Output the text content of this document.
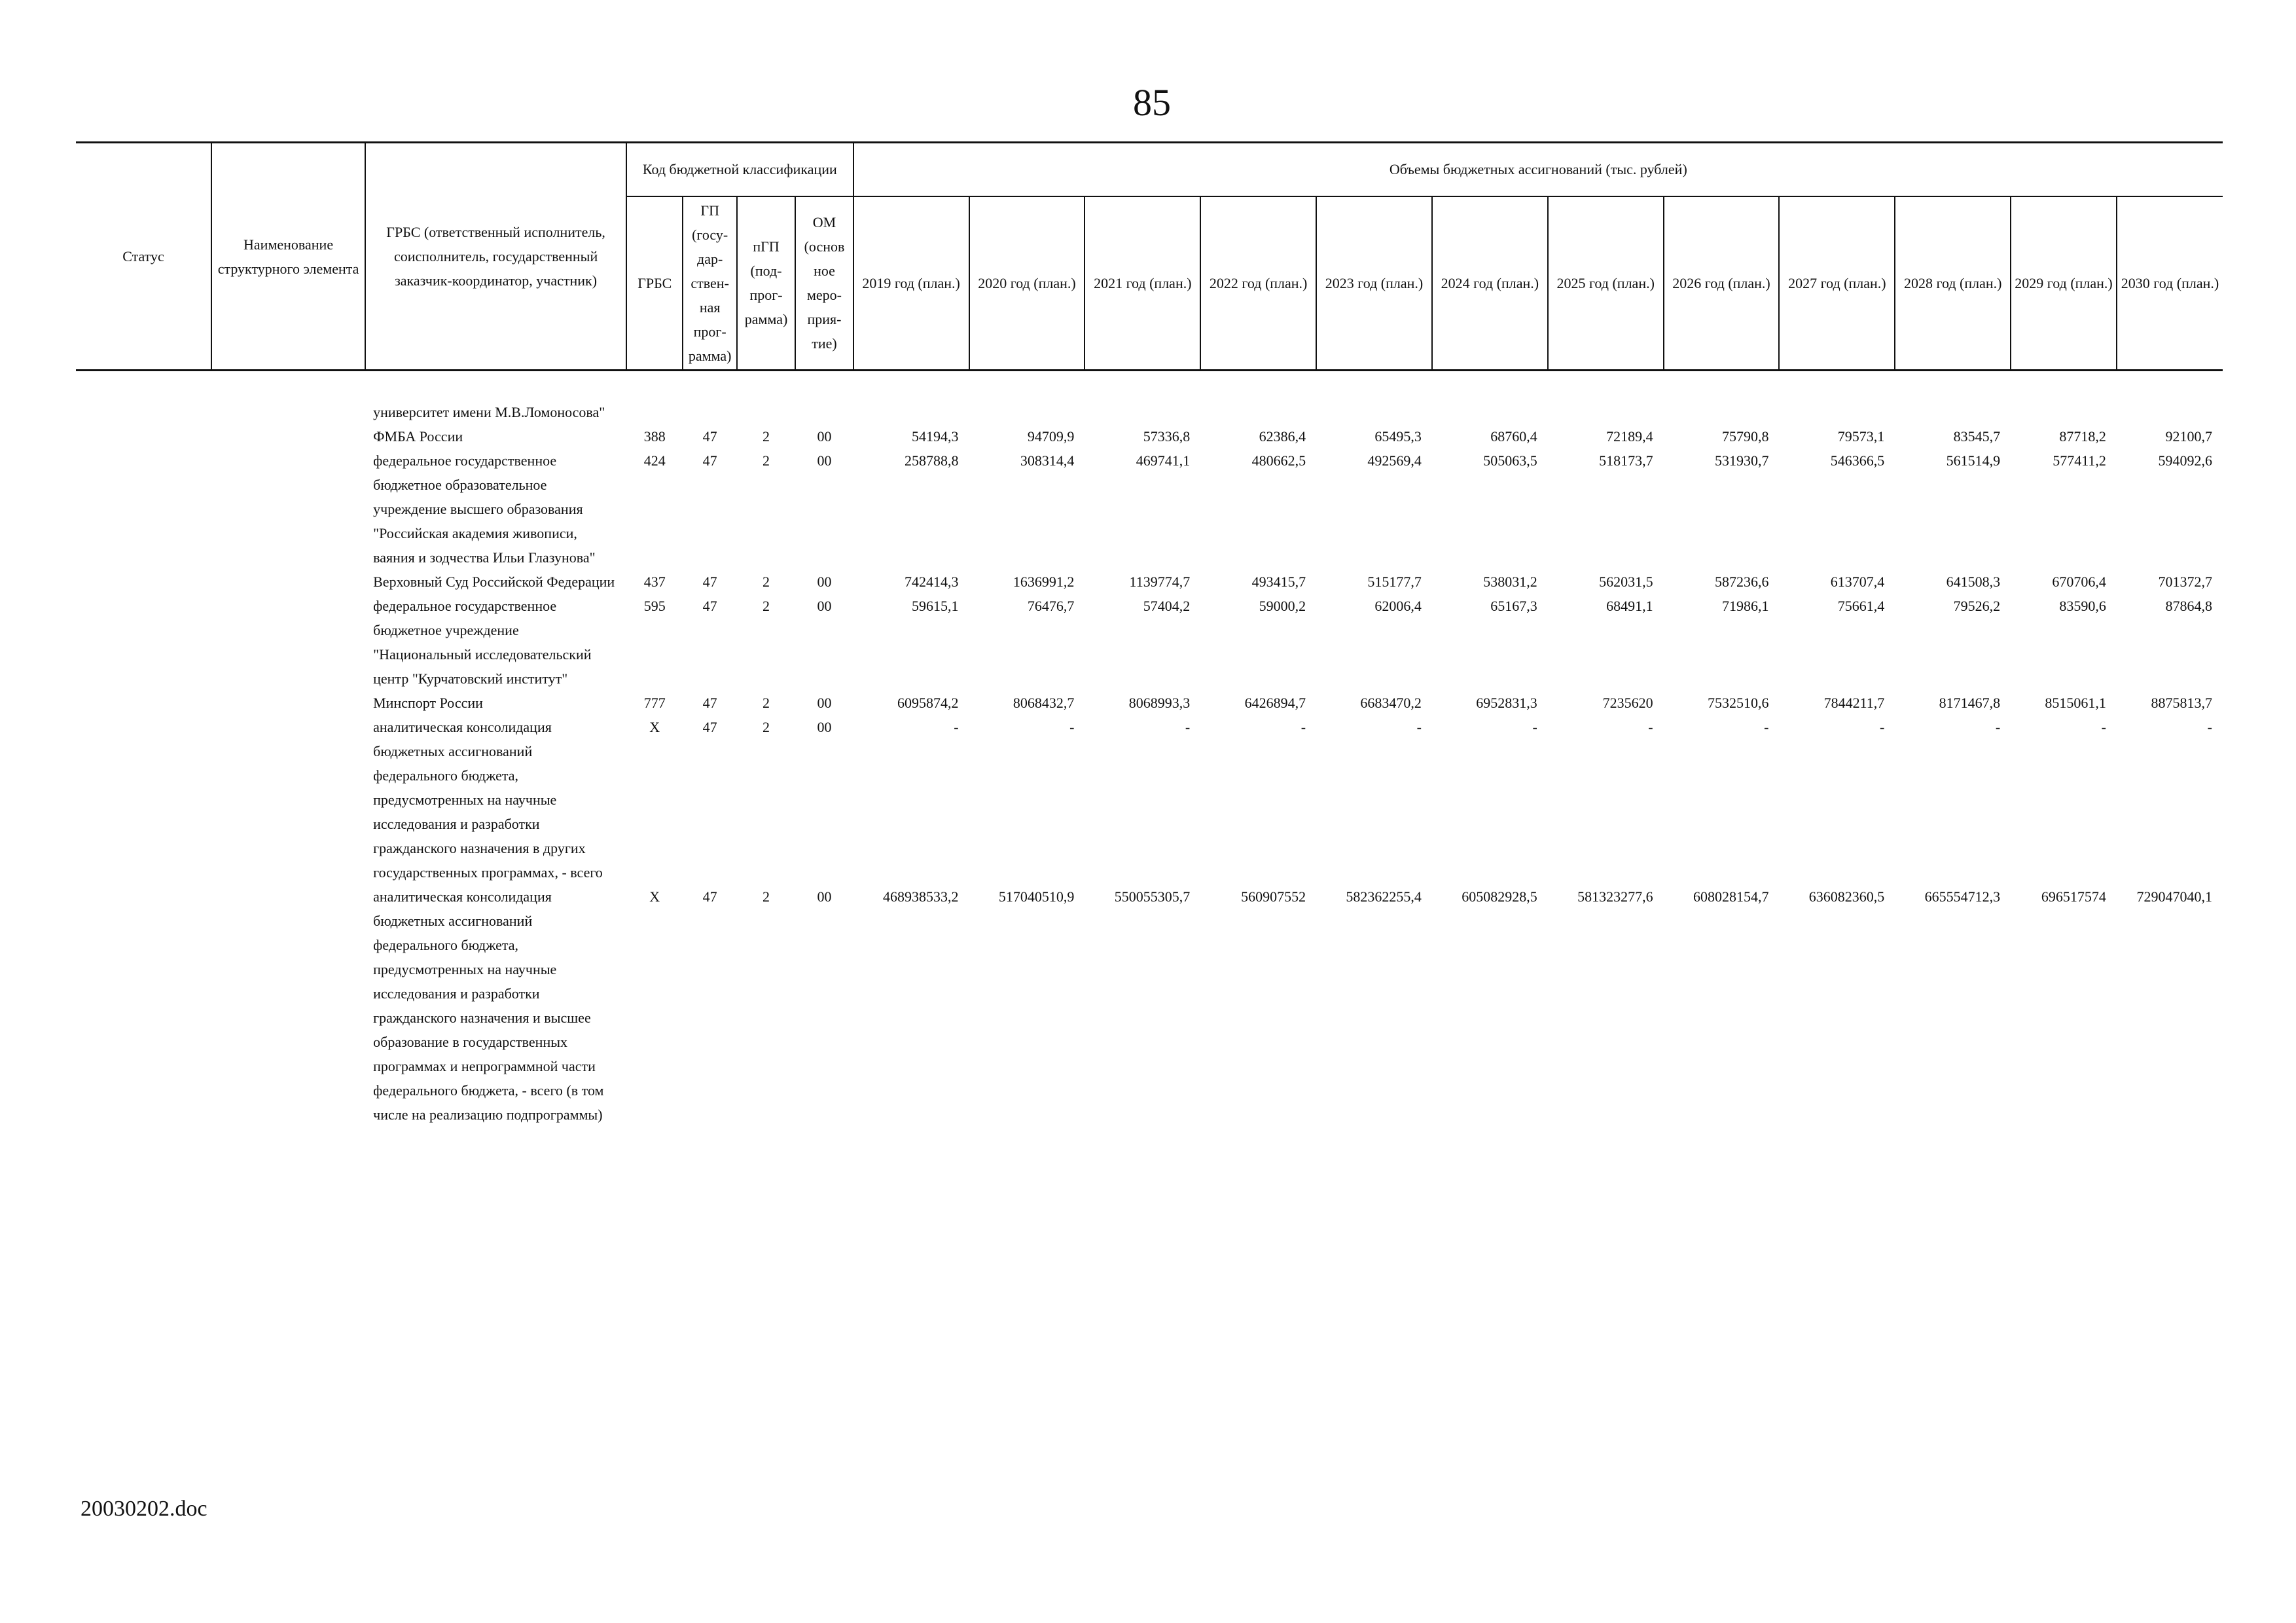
85
Статус	Наименование структурного элемента	ГРБС (ответственный исполнитель, соисполнитель, государственный заказчик-координатор, участник)	Код бюджетной классификации				Объемы бюджетных ассигнований (тыс. рублей)											
			ГРБС	ГП (госу-дар-ствен-ная прог-рамма)	пГП (под-прог-рамма)	ОМ (основ ное меро-прия-тие)	2019 год (план.)	2020 год (план.)	2021 год (план.)	2022 год (план.)	2023 год (план.)	2024 год (план.)	2025 год (план.)	2026 год (план.)	2027 год (план.)	2028 год (план.)	2029 год (план.)	2030 год (план.)

		университет имени М.В.Ломоносова"																
		ФМБА России	388	47	2	00	54194,3	94709,9	57336,8	62386,4	65495,3	68760,4	72189,4	75790,8	79573,1	83545,7	87718,2	92100,7
		федеральное государственное бюджетное образовательное учреждение высшего образования "Российская академия живописи, ваяния и зодчества Ильи Глазунова"	424	47	2	00	258788,8	308314,4	469741,1	480662,5	492569,4	505063,5	518173,7	531930,7	546366,5	561514,9	577411,2	594092,6
		Верховный Суд Российской Федерации	437	47	2	00	742414,3	1636991,2	1139774,7	493415,7	515177,7	538031,2	562031,5	587236,6	613707,4	641508,3	670706,4	701372,7
		федеральное государственное бюджетное учреждение "Национальный исследовательский центр "Курчатовский институт"	595	47	2	00	59615,1	76476,7	57404,2	59000,2	62006,4	65167,3	68491,1	71986,1	75661,4	79526,2	83590,6	87864,8
		Минспорт России	777	47	2	00	6095874,2	8068432,7	8068993,3	6426894,7	6683470,2	6952831,3	7235620	7532510,6	7844211,7	8171467,8	8515061,1	8875813,7
		аналитическая консолидация бюджетных ассигнований федерального бюджета, предусмотренных на научные исследования и разработки гражданского назначения в других государственных программах, - всего	X	47	2	00	-	-	-	-	-	-	-	-	-	-	-	-
		аналитическая консолидация бюджетных ассигнований федерального бюджета, предусмотренных на научные исследования и разработки гражданского назначения и высшее образование в государственных программах и непрограммной части федерального бюджета, - всего (в том числе на реализацию подпрограммы)	X	47	2	00	468938533,2	517040510,9	550055305,7	560907552	582362255,4	605082928,5	581323277,6	608028154,7	636082360,5	665554712,3	696517574	729047040,1
20030202.doc
